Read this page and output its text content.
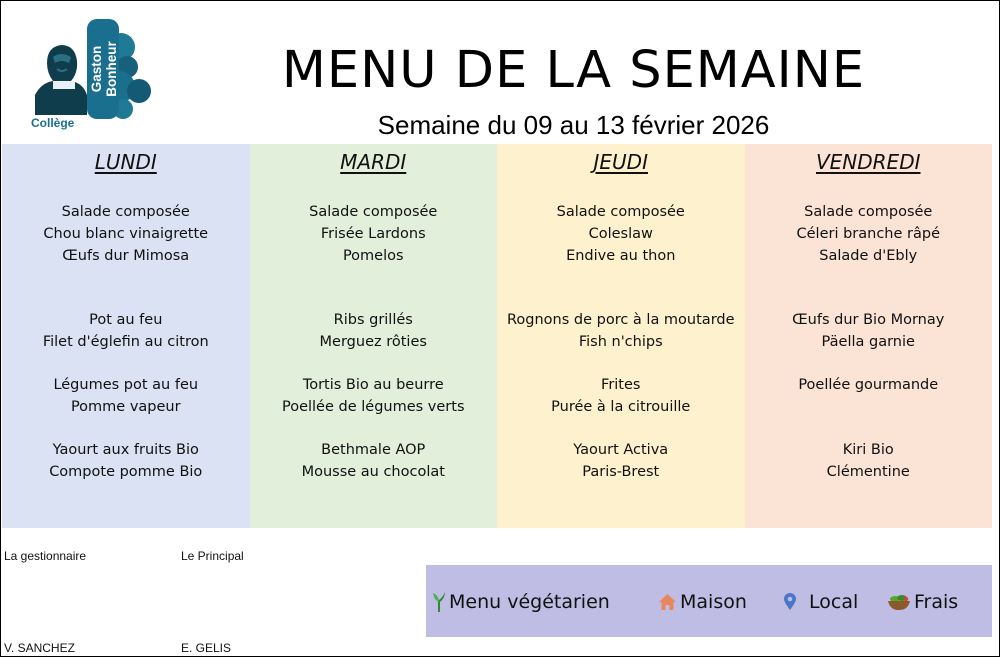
Gaston Bonheur
Collège
MENU DE LA SEMAINE
Semaine du 09 au 13 février 2026
LUNDI
Salade composée
Chou blanc vinaigrette
Œufs dur Mimosa
Pot au feu
Filet d'églefin au citron
Légumes pot au feu
Pomme vapeur
Yaourt aux fruits Bio
Compote pomme Bio
MARDI
Salade composée
Frisée Lardons
Pomelos
Ribs grillés
Merguez rôties
Tortis Bio au beurre
Poellée de légumes verts
Bethmale AOP
Mousse au chocolat
JEUDI
Salade composée
Coleslaw
Endive au thon
Rognons de porc à la moutarde
Fish n'chips
Frites
Purée à la citrouille
Yaourt Activa
Paris-Brest
VENDREDI
Salade composée
Céleri branche râpé
Salade d'Ebly
Œufs dur Bio Mornay
Päella garnie
Poellée gourmande
Kiri Bio
Clémentine
La gestionnaire	Le Principal
V. SANCHEZ	E. GELIS
Menu végétarien	Maison	Local	Frais
